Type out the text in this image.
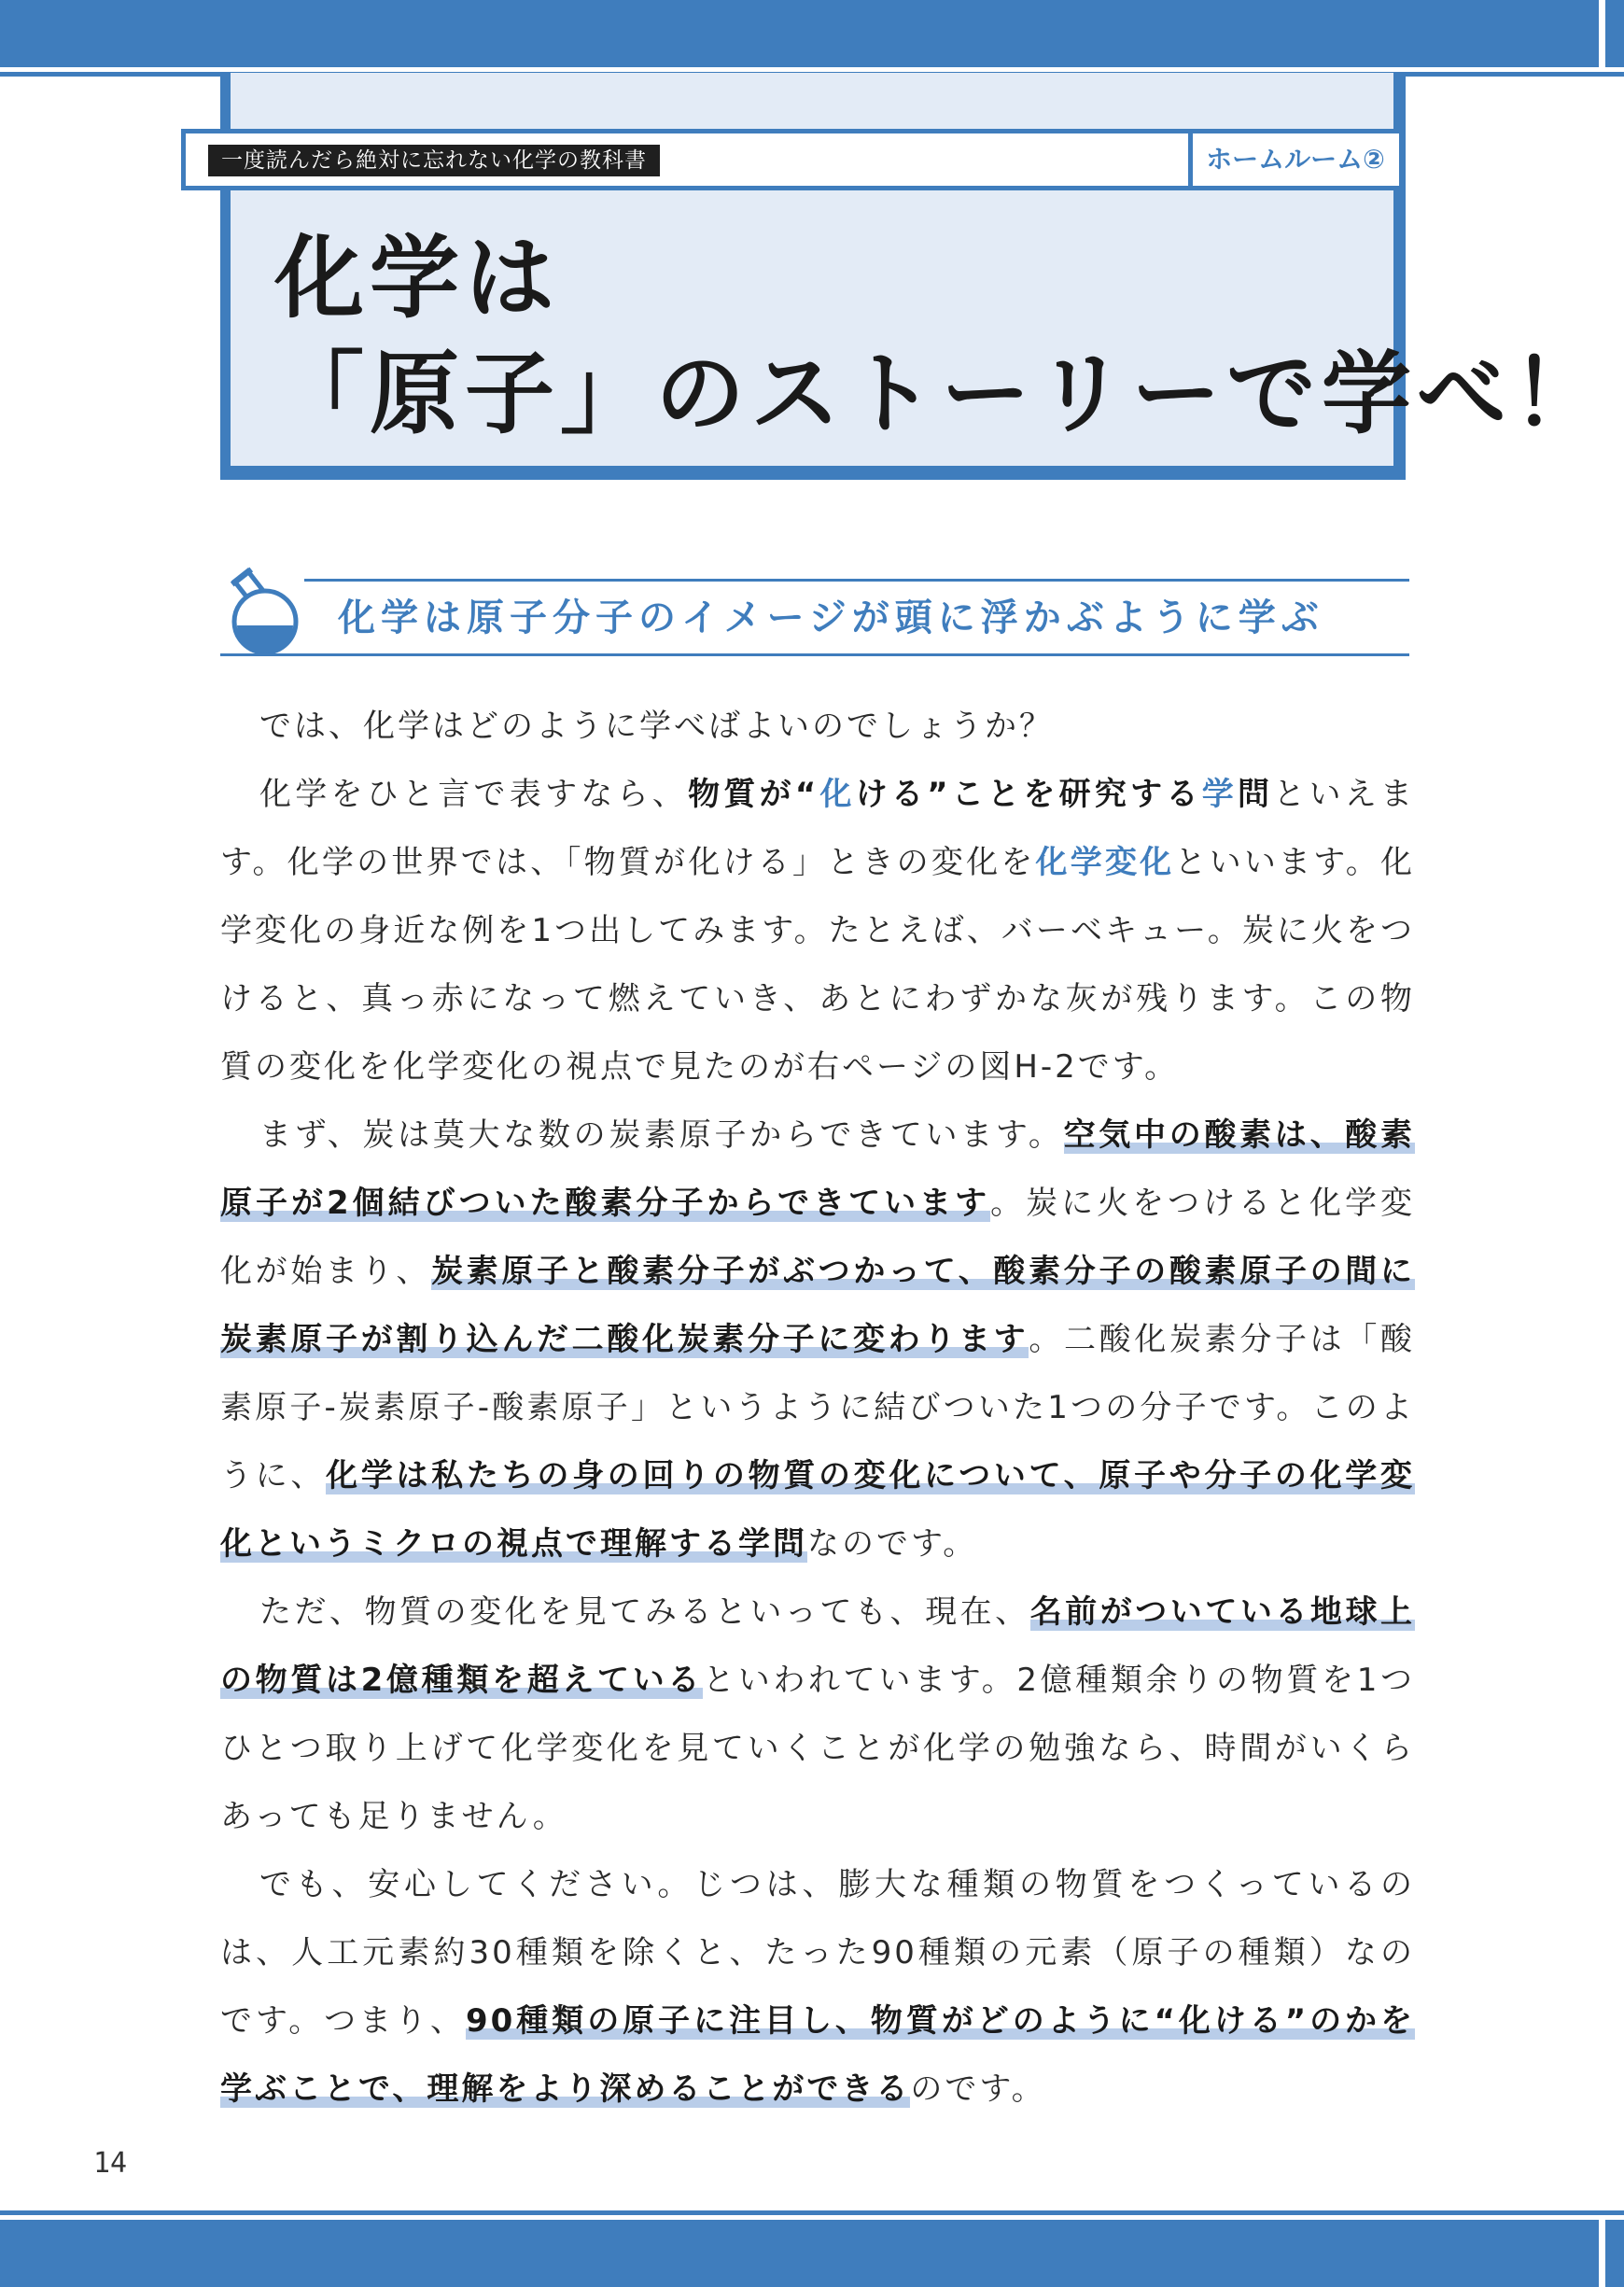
一度読んだら絶対に忘れない化学の教科書	ホームルーム②
化学は
「原子」のストーリーで学べ！
化学は原子分子のイメージが頭に浮かぶように学ぶ

では、化学はどのように学べばよいのでしょうか？

化学をひと言で表すなら、物質が“化ける”ことを研究する学問といえます。化学の世界では、「物質が化ける」ときの変化を化学変化といいます。化学変化の身近な例を1つ出してみます。たとえば、バーベキュー。炭に火をつけると、真っ赤になって燃えていき、あとにわずかな灰が残ります。この物質の変化を化学変化の視点で見たのが右ページの図H-2です。

まず、炭は莫大な数の炭素原子からできています。空気中の酸素は、酸素原子が2個結びついた酸素分子からできています。炭に火をつけると化学変化が始まり、炭素原子と酸素分子がぶつかって、酸素分子の酸素原子の間に炭素原子が割り込んだ二酸化炭素分子に変わります。二酸化炭素分子は「酸素原子-炭素原子-酸素原子」というように結びついた1つの分子です。このように、化学は私たちの身の回りの物質の変化について、原子や分子の化学変化というミクロの視点で理解する学問なのです。

ただ、物質の変化を見てみるといっても、現在、名前がついている地球上の物質は2億種類を超えているといわれています。2億種類余りの物質を1つひとつ取り上げて化学変化を見ていくことが化学の勉強なら、時間がいくらあっても足りません。

でも、安心してください。じつは、膨大な種類の物質をつくっているのは、人工元素約30種類を除くと、たった90種類の元素（原子の種類）なのです。つまり、90種類の原子に注目し、物質がどのように“化ける”のかを学ぶことで、理解をより深めることができるのです。

14
